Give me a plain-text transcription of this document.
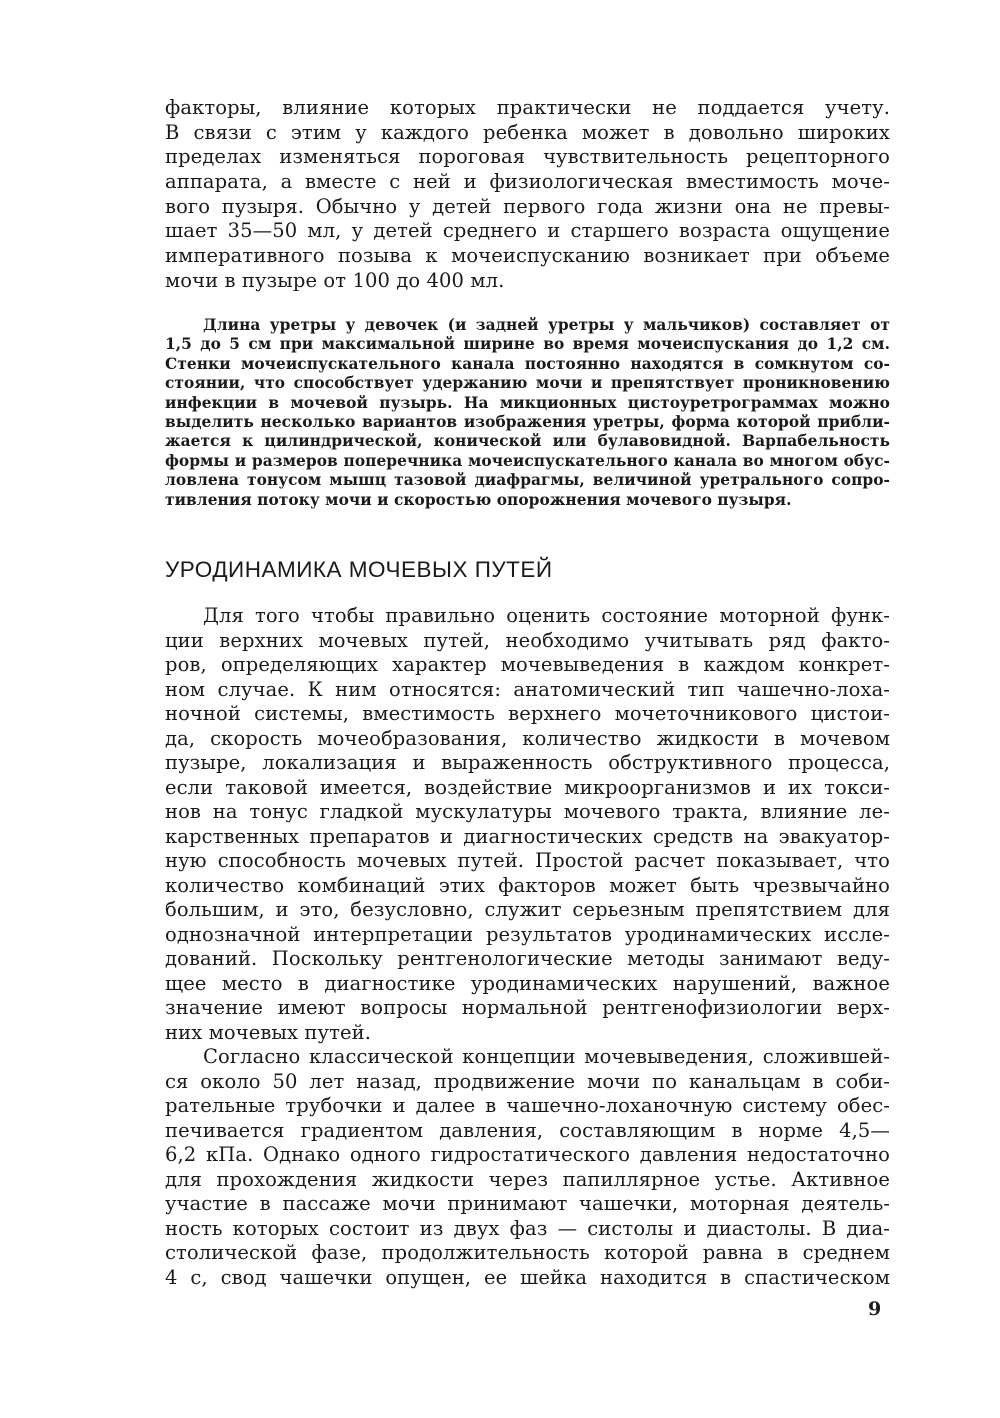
факторы, влияние которых практически не поддается учету.
В связи с этим у каждого ребенка может в довольно широких
пределах изменяться пороговая чувствительность рецепторного
аппарата, а вместе с ней и физиологическая вместимость моче-
вого пузыря. Обычно у детей первого года жизни она не превы-
шает 35—50 мл, у детей среднего и старшего возраста ощущение
императивного позыва к мочеиспусканию возникает при объеме
мочи в пузыре от 100 до 400 мл.
Длина уретры у девочек (и задней уретры у мальчиков) составляет от
1,5 до 5 см при максимальной ширине во время мочеиспускания до 1,2 см.
Стенки мочеиспускательного канала постоянно находятся в сомкнутом со-
стоянии, что способствует удержанию мочи и препятствует проникновению
инфекции в мочевой пузырь. На микционных цистоуретрограммах можно
выделить несколько вариантов изображения уретры, форма которой прибли-
жается к цилиндрической, конической или булавовидной. Варпабельность
формы и размеров поперечника мочеиспускательного канала во многом обус-
ловлена тонусом мышц тазовой диафрагмы, величиной уретрального сопро-
тивления потоку мочи и скоростью опорожнения мочевого пузыря.
УРОДИНАМИКА МОЧЕВЫХ ПУТЕЙ
Для того чтобы правильно оценить состояние моторной функ-
ции верхних мочевых путей, необходимо учитывать ряд факто-
ров, определяющих характер мочевыведения в каждом конкрет-
ном случае. К ним относятся: анатомический тип чашечно-лоха-
ночной системы, вместимость верхнего мочеточникового цистои-
да, скорость мочеобразования, количество жидкости в мочевом
пузыре, локализация и выраженность обструктивного процесса,
если таковой имеется, воздействие микроорганизмов и их токси-
нов на тонус гладкой мускулатуры мочевого тракта, влияние ле-
карственных препаратов и диагностических средств на эвакуатор-
ную способность мочевых путей. Простой расчет показывает, что
количество комбинаций этих факторов может быть чрезвычайно
большим, и это, безусловно, служит серьезным препятствием для
однозначной интерпретации результатов уродинамических иссле-
дований. Поскольку рентгенологические методы занимают веду-
щее место в диагностике уродинамических нарушений, важное
значение имеют вопросы нормальной рентгенофизиологии верх-
них мочевых путей.
Согласно классической концепции мочевыведения, сложившей-
ся около 50 лет назад, продвижение мочи по канальцам в соби-
рательные трубочки и далее в чашечно-лоханочную систему обес-
печивается градиентом давления, составляющим в норме 4,5—
6,2 кПа. Однако одного гидростатического давления недостаточно
для прохождения жидкости через папиллярное устье. Активное
участие в пассаже мочи принимают чашечки, моторная деятель-
ность которых состоит из двух фаз — систолы и диастолы. В диа-
столической фазе, продолжительность которой равна в среднем
4 с, свод чашечки опущен, ее шейка находится в спастическом
9
